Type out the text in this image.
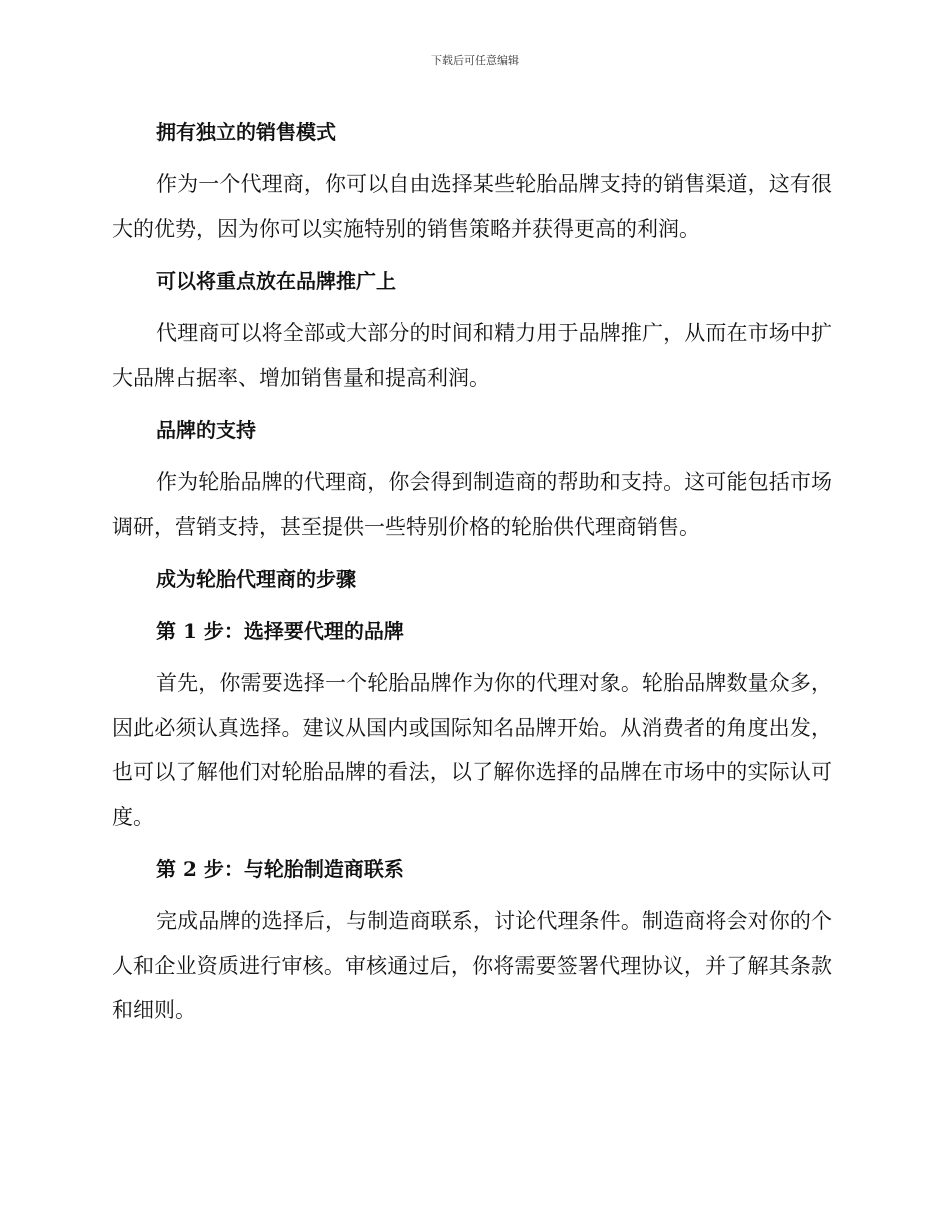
下载后可任意编辑
拥有独立的销售模式

作为一个代理商，你可以自由选择某些轮胎品牌支持的销售渠道，这有很大的优势，因为你可以实施特别的销售策略并获得更高的利润。

可以将重点放在品牌推广上

代理商可以将全部或大部分的时间和精力用于品牌推广，从而在市场中扩大品牌占据率、增加销售量和提高利润。

品牌的支持

作为轮胎品牌的代理商，你会得到制造商的帮助和支持。这可能包括市场调研，营销支持，甚至提供一些特别价格的轮胎供代理商销售。

成为轮胎代理商的步骤
第 1 步：选择要代理的品牌

首先，你需要选择一个轮胎品牌作为你的代理对象。轮胎品牌数量众多，因此必须认真选择。建议从国内或国际知名品牌开始。从消费者的角度出发，也可以了解他们对轮胎品牌的看法，以了解你选择的品牌在市场中的实际认可度。

第 2 步：与轮胎制造商联系

完成品牌的选择后，与制造商联系，讨论代理条件。制造商将会对你的个人和企业资质进行审核。审核通过后，你将需要签署代理协议，并了解其条款和细则。
